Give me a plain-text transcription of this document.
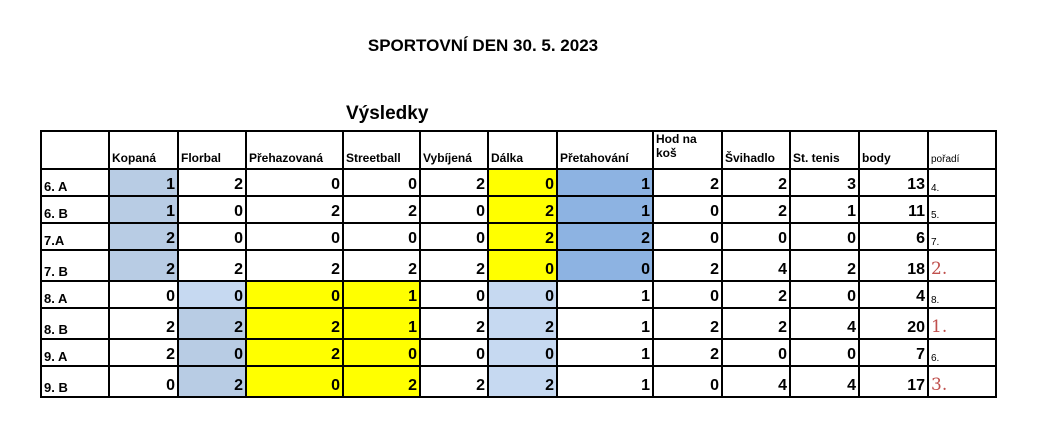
SPORTOVNÍ DEN 30. 5. 2023
Výsledky
	Kopaná	Florbal	Přehazovaná	Streetball	Vybíjená	Dálka	Přetahování	Hod na koš	Švihadlo	St. tenis	body	pořadí
6. A	1	2	0	0	2	0	1	2	2	3	13	4.
6. B	1	0	2	2	0	2	1	0	2	1	11	5.
7.A	2	0	0	0	0	2	2	0	0	0	6	7.
7. B	2	2	2	2	2	0	0	2	4	2	18	2.
8. A	0	0	0	1	0	0	1	0	2	0	4	8.
8. B	2	2	2	1	2	2	1	2	2	4	20	1.
9. A	2	0	2	0	0	0	1	2	0	0	7	6.
9. B	0	2	0	2	2	2	1	0	4	4	17	3.
